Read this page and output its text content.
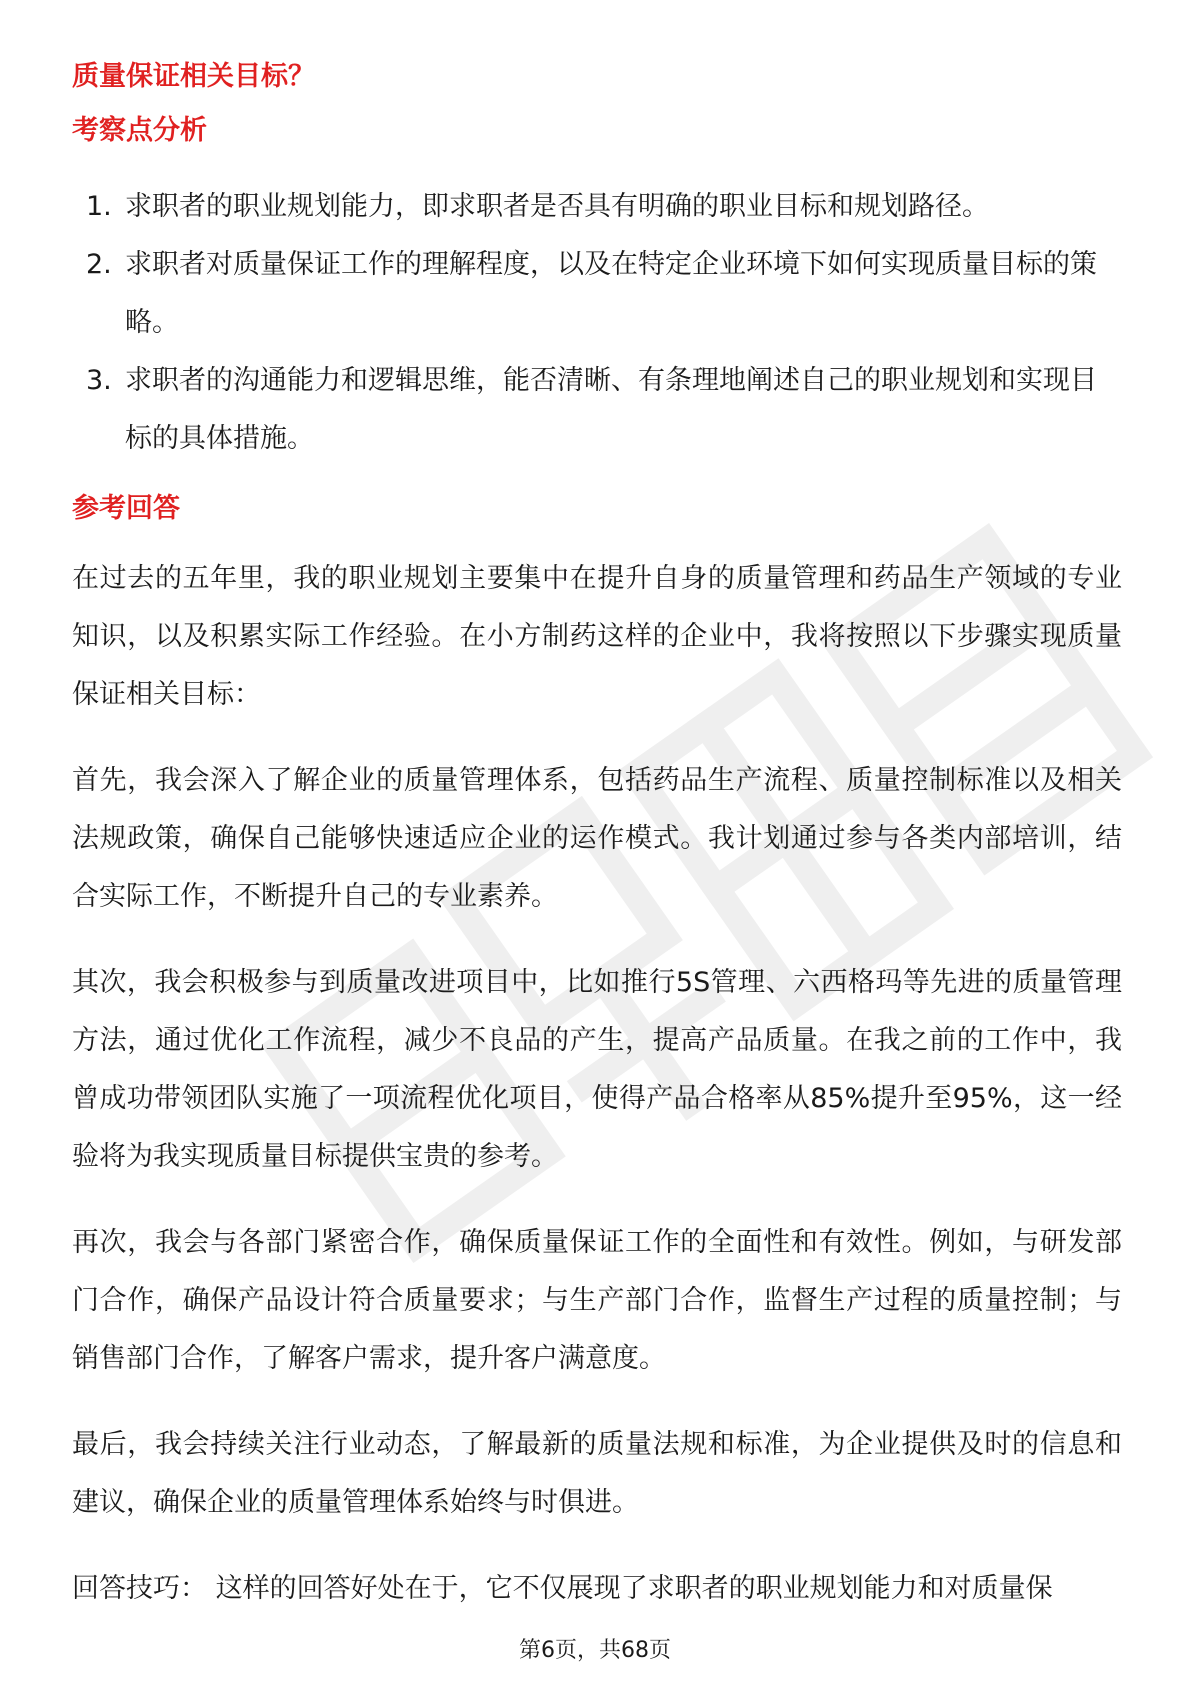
质量保证相关目标？
考察点分析
1. 求职者的职业规划能力，即求职者是否具有明确的职业目标和规划路径。
2. 求职者对质量保证工作的理解程度，以及在特定企业环境下如何实现质量目标的策略。
3. 求职者的沟通能力和逻辑思维，能否清晰、有条理地阐述自己的职业规划和实现目标的具体措施。
参考回答

在过去的五年里，我的职业规划主要集中在提升自身的质量管理和药品生产领域的专业知识，以及积累实际工作经验。在小方制药这样的企业中，我将按照以下步骤实现质量保证相关目标：

首先，我会深入了解企业的质量管理体系，包括药品生产流程、质量控制标准以及相关法规政策，确保自己能够快速适应企业的运作模式。我计划通过参与各类内部培训，结合实际工作，不断提升自己的专业素养。

其次，我会积极参与到质量改进项目中，比如推行5S管理、六西格玛等先进的质量管理方法，通过优化工作流程，减少不良品的产生，提高产品质量。在我之前的工作中，我曾成功带领团队实施了一项流程优化项目，使得产品合格率从85%提升至95%，这一经验将为我实现质量目标提供宝贵的参考。

再次，我会与各部门紧密合作，确保质量保证工作的全面性和有效性。例如，与研发部门合作，确保产品设计符合质量要求；与生产部门合作，监督生产过程的质量控制；与销售部门合作，了解客户需求，提升客户满意度。

最后，我会持续关注行业动态，了解最新的质量法规和标准，为企业提供及时的信息和建议，确保企业的质量管理体系始终与时俱进。

回答技巧： 这样的回答好处在于，它不仅展现了求职者的职业规划能力和对质量保

第6页，共68页
